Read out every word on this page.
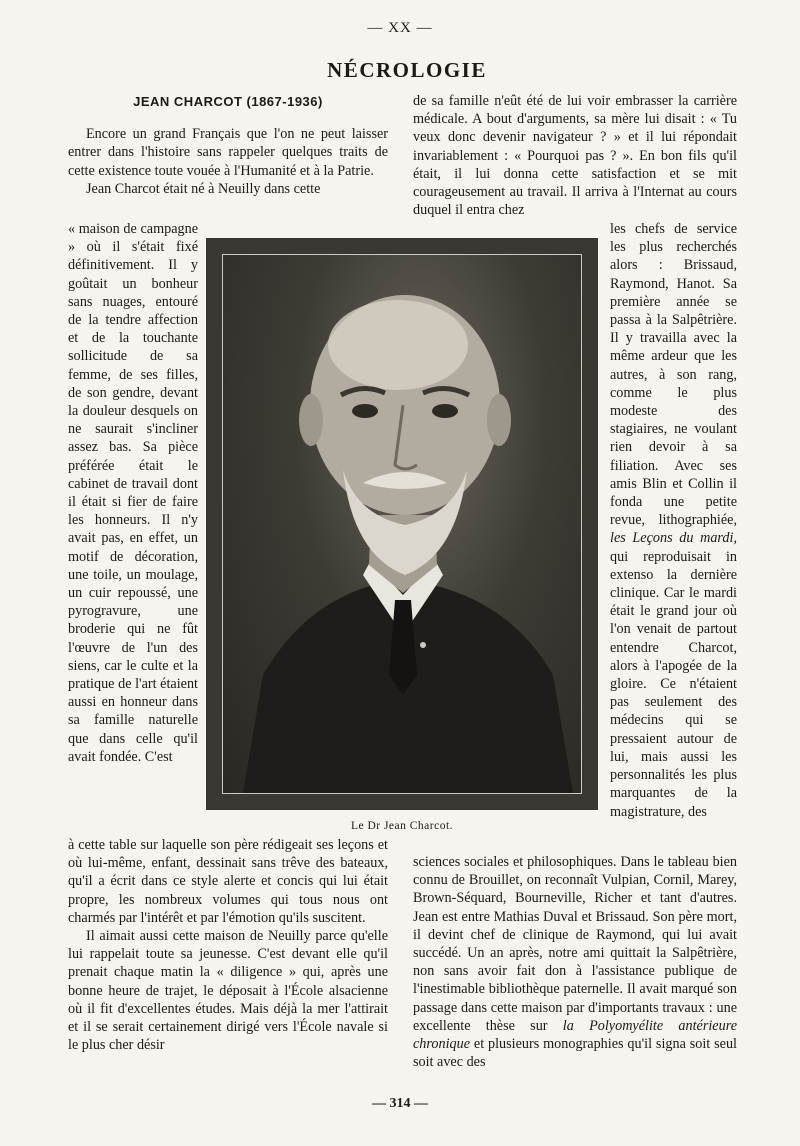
— XX —
NÉCROLOGIE
JEAN CHARCOT (1867-1936)

Encore un grand Français que l'on ne peut laisser entrer dans l'histoire sans rappeler quelques traits de cette existence toute vouée à l'Humanité et à la Patrie.

Jean Charcot était né à Neuilly dans cette

« maison de campagne » où il s'était fixé définitivement. Il y goûtait un bonheur sans nuages, entouré de la tendre affection et de la touchante sollicitude de sa femme, de ses filles, de son gendre, devant la douleur desquels on ne saurait s'incliner assez bas. Sa pièce préférée était le cabinet de travail dont il était si fier de faire les honneurs. Il n'y avait pas, en effet, un motif de décoration, une toile, un moulage, un cuir repoussé, une pyrogravure, une broderie qui ne fût l'œuvre de l'un des siens, car le culte et la pratique de l'art étaient aussi en honneur dans sa famille naturelle que dans celle qu'il avait fondée. C'est

à cette table sur laquelle son père rédigeait ses leçons et où lui-même, enfant, dessinait sans trêve des bateaux, qu'il a écrit dans ce style alerte et concis qui lui était propre, les nombreux volumes qui tous nous ont charmés par l'intérêt et par l'émotion qu'ils suscitent.

Il aimait aussi cette maison de Neuilly parce qu'elle lui rappelait toute sa jeunesse. C'est devant elle qu'il prenait chaque matin la « diligence » qui, après une bonne heure de trajet, le déposait à l'École alsacienne où il fit d'excellentes études. Mais déjà la mer l'attirait et il se serait certainement dirigé vers l'École navale si le plus cher désir

de sa famille n'eût été de lui voir embrasser la carrière médicale. A bout d'arguments, sa mère lui disait : « Tu veux donc devenir navigateur ? » et il lui répondait invariablement : « Pourquoi pas ? ». En bon fils qu'il était, il lui donna cette satisfaction et se mit courageusement au travail. Il arriva à l'Internat au cours duquel il entra chez

les chefs de service les plus recherchés alors : Brissaud, Raymond, Hanot. Sa première année se passa à la Salpêtrière. Il y travailla avec la même ardeur que les autres, à son rang, comme le plus modeste des stagiaires, ne voulant rien devoir à sa filiation. Avec ses amis Blin et Collin il fonda une petite revue, lithographiée, les Leçons du mardi, qui reproduisait in extenso la dernière clinique. Car le mardi était le grand jour où l'on venait de partout entendre Charcot, alors à l'apogée de la gloire. Ce n'étaient pas seulement des médecins qui se pressaient autour de lui, mais aussi les personnalités les plus marquantes de la magistrature, des

sciences sociales et philosophiques. Dans le tableau bien connu de Brouillet, on reconnaît Vulpian, Cornil, Marey, Brown-Séquard, Bourneville, Richer et tant d'autres. Jean est entre Mathias Duval et Brissaud. Son père mort, il devint chef de clinique de Raymond, qui lui avait succédé. Un an après, notre ami quittait la Salpêtrière, non sans avoir fait don à l'assistance publique de l'inestimable bibliothèque paternelle. Il avait marqué son passage dans cette maison par d'importants travaux : une excellente thèse sur la Polyomyélite antérieure chronique et plusieurs monographies qu'il signa soit seul soit avec des

Le Dr Jean Charcot.
— 314 —
